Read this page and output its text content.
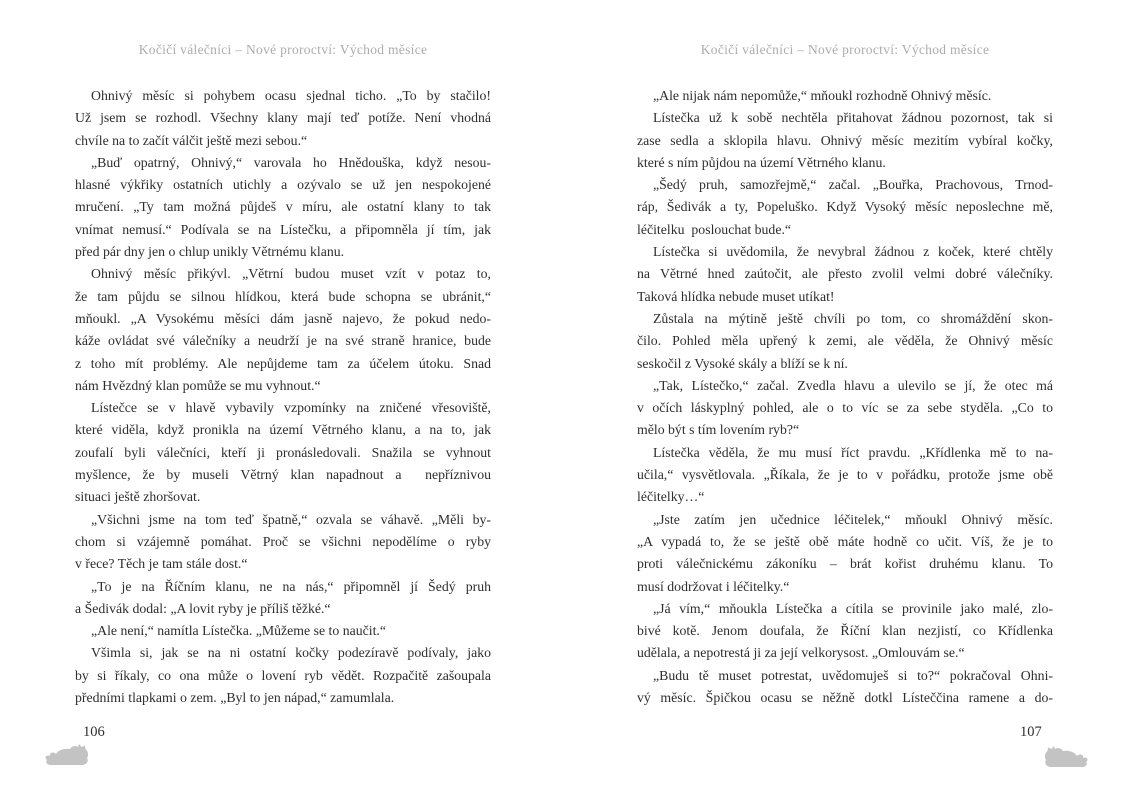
Kočičí válečníci – Nové proroctví: Východ měsíce
Ohnivý měsíc si pohybem ocasu sjednal ticho. „To by stačilo!
Už jsem se rozhodl. Všechny klany mají teď potíže. Není vhodná
chvíle na to začít válčit ještě mezi sebou.“
„Buď opatrný, Ohnivý,“ varovala ho Hnědouška, když nesou-
hlasné výkřiky ostatních utichly a ozývalo se už jen nespokojené
mručení. „Ty tam možná půjdeš v míru, ale ostatní klany to tak
vnímat nemusí.“ Podívala se na Lístečku, a připomněla jí tím, jak
před pár dny jen o chlup unikly Větrnému klanu.
Ohnivý měsíc přikývl. „Větrní budou muset vzít v potaz to,
že tam půjdu se silnou hlídkou, která bude schopna se ubránit,“
mňoukl. „A Vysokému měsíci dám jasně najevo, že pokud nedo-
káže ovládat své válečníky a neudrží je na své straně hranice, bude
z toho mít problémy. Ale nepůjdeme tam za účelem útoku. Snad
nám Hvězdný klan pomůže se mu vyhnout.“
Lístečce se v hlavě vybavily vzpomínky na zničené vřesoviště,
které viděla, když pronikla na území Větrného klanu, a na to, jak
zoufalí byli válečníci, kteří ji pronásledovali. Snažila se vyhnout
myšlence, že by museli Větrný klan napadnout a  nepříznivou
situaci ještě zhoršovat.
„Všichni jsme na tom teď špatně,“ ozvala se váhavě. „Měli by-
chom si vzájemně pomáhat. Proč se všichni nepodělíme o ryby
v řece? Těch je tam stále dost.“
„To je na Říčním klanu, ne na nás,“ připomněl jí Šedý pruh
a Šedivák dodal: „A lovit ryby je příliš těžké.“
„Ale není,“ namítla Lístečka. „Můžeme se to naučit.“
Všimla si, jak se na ni ostatní kočky podezíravě podívaly, jako
by si říkaly, co ona může o lovení ryb vědět. Rozpačitě zašoupala
předními tlapkami o zem. „Byl to jen nápad,“ zamumlala.
106
Kočičí válečníci – Nové proroctví: Východ měsíce
„Ale nijak nám nepomůže,“ mňoukl rozhodně Ohnivý měsíc.
Lístečka už k sobě nechtěla přitahovat žádnou pozornost, tak si
zase sedla a sklopila hlavu. Ohnivý měsíc mezitím vybíral kočky,
které s ním půjdou na území Větrného klanu.
„Šedý pruh, samozřejmě,“ začal. „Bouřka, Prachovous, Trnod-
ráp, Šedivák a ty, Popeluško. Když Vysoký měsíc neposlechne mě,
léčitelku  poslouchat bude.“
Lístečka si uvědomila, že nevybral žádnou z koček, které chtěly
na Větrné hned zaútočit, ale přesto zvolil velmi dobré válečníky.
Taková hlídka nebude muset utíkat!
Zůstala na mýtině ještě chvíli po tom, co shromáždění skon-
čilo. Pohled měla upřený k zemi, ale věděla, že Ohnivý měsíc
seskočil z Vysoké skály a blíží se k ní.
„Tak, Lístečko,“ začal. Zvedla hlavu a ulevilo se jí, že otec má
v očích láskyplný pohled, ale o to víc se za sebe styděla. „Co to
mělo být s tím lovením ryb?“
Lístečka věděla, že mu musí říct pravdu. „Křídlenka mě to na-
učila,“ vysvětlovala. „Říkala, že je to v pořádku, protože jsme obě
léčitelky…“
„Jste zatím jen učednice léčitelek,“ mňoukl Ohnivý měsíc.
„A vypadá to, že se ještě obě máte hodně co učit. Víš, že je to
proti válečnickému zákoníku – brát kořist druhému klanu. To
musí dodržovat i léčitelky.“
„Já vím,“ mňoukla Lístečka a cítila se provinile jako malé, zlo-
bivé kotě. Jenom doufala, že Říční klan nezjistí, co Křídlenka
udělala, a nepotrestá ji za její velkorysost. „Omlouvám se.“
„Budu tě muset potrestat, uvědomuješ si to?“ pokračoval Ohni-
vý měsíc. Špičkou ocasu se něžně dotkl Lísteččina ramene a do-
107
